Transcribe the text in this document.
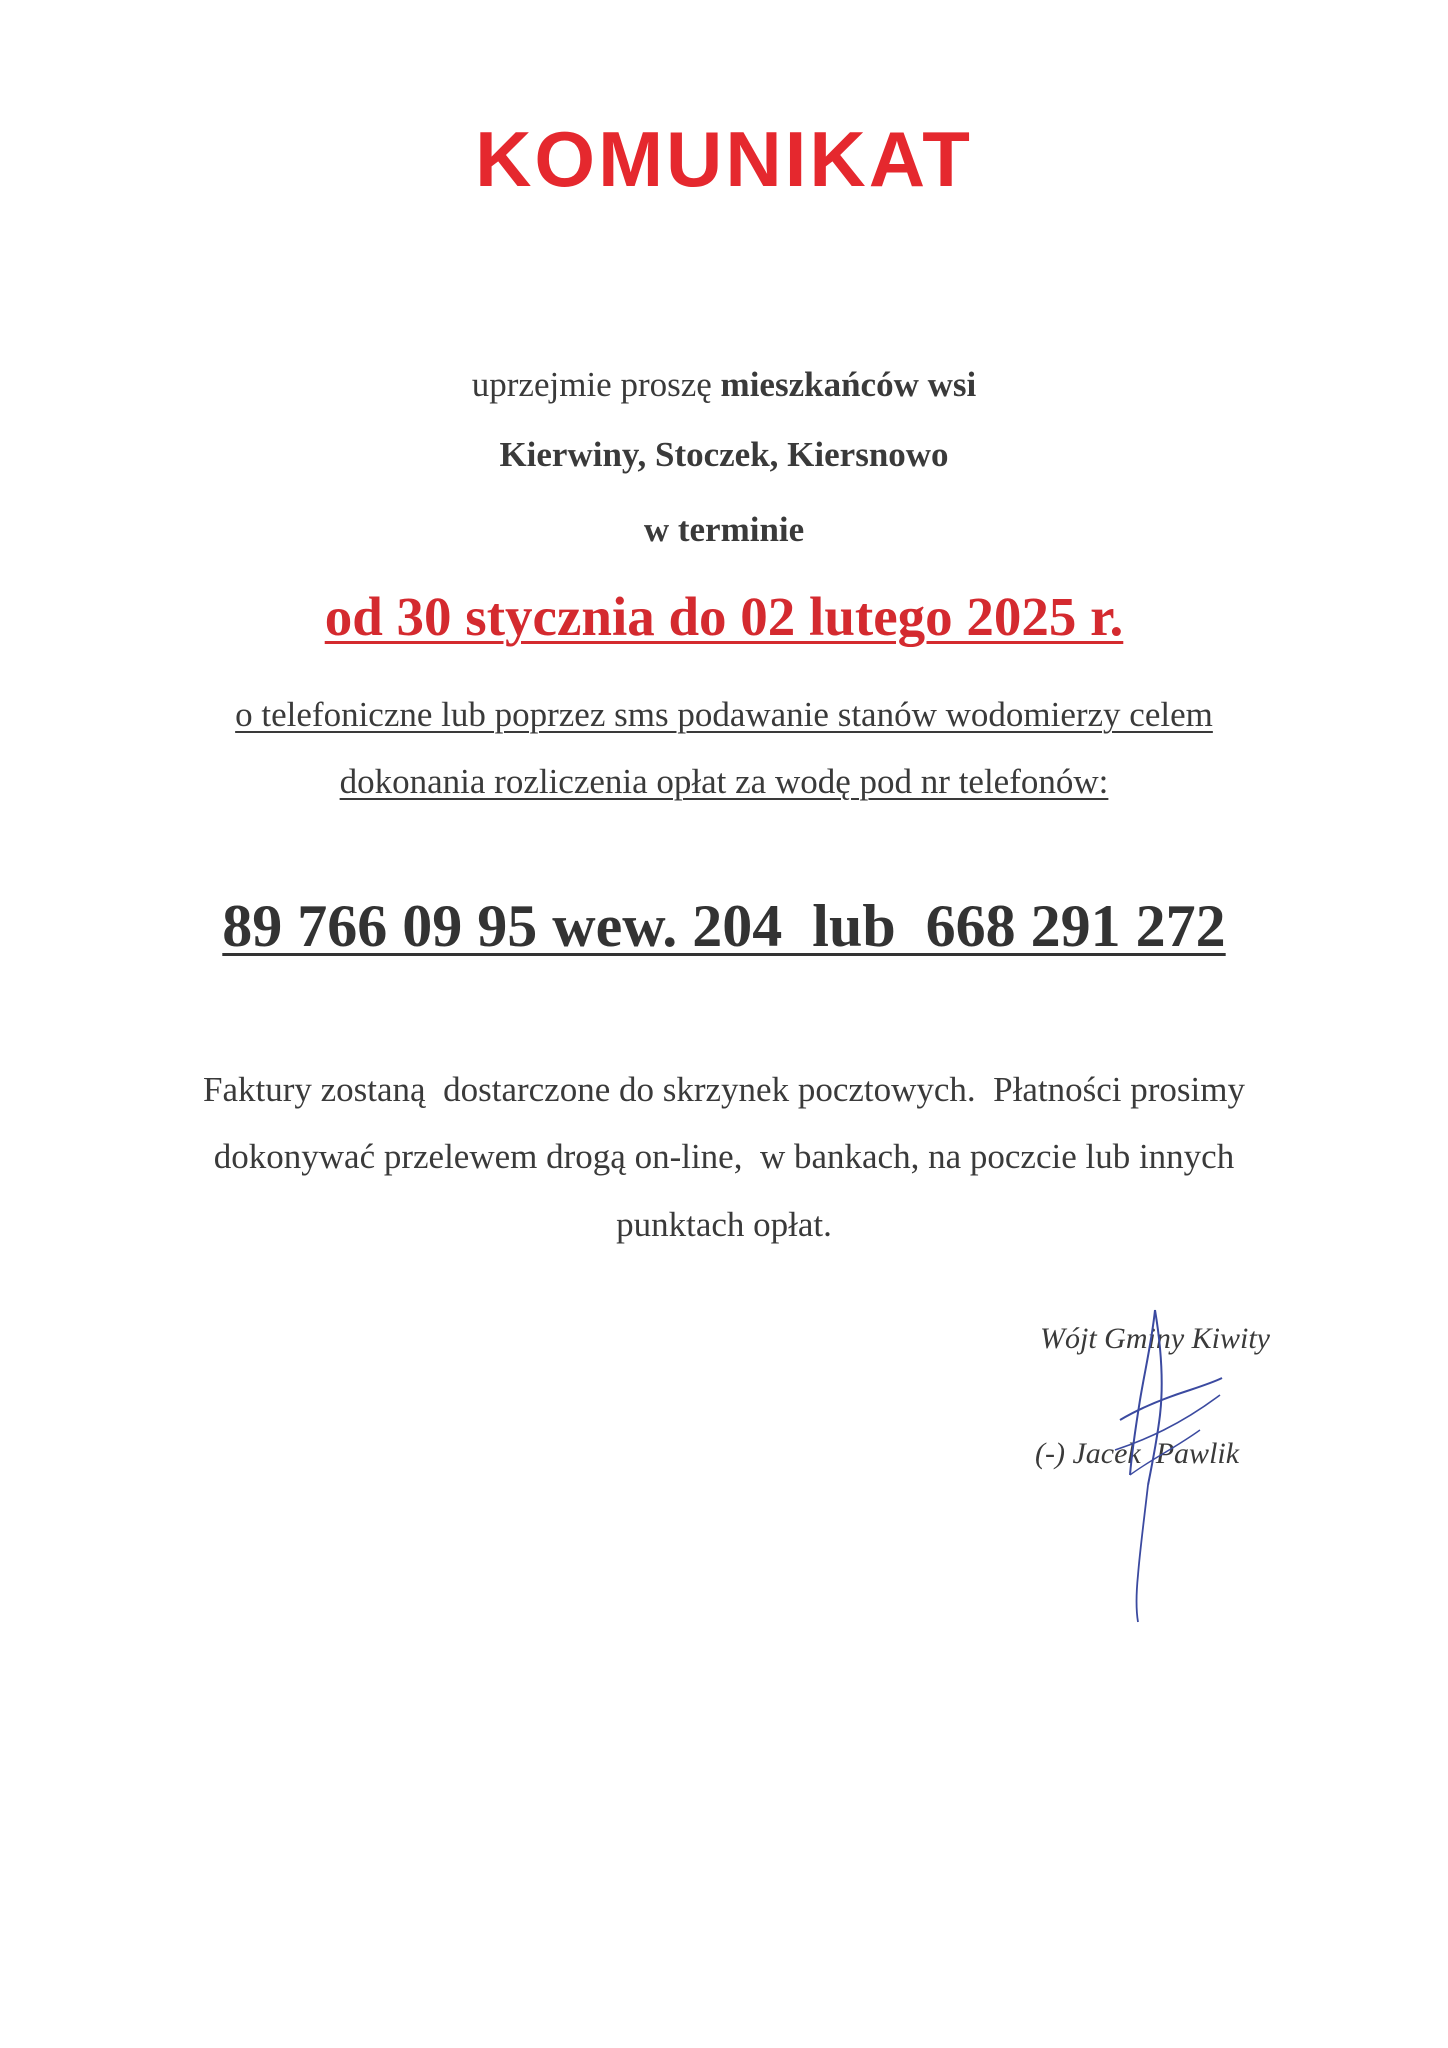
KOMUNIKAT
uprzejmie proszę mieszkańców wsi
Kierwiny, Stoczek, Kiersnowo
w terminie
od 30 stycznia do 02 lutego 2025 r.
o telefoniczne lub poprzez sms podawanie stanów wodomierzy celem
dokonania rozliczenia opłat za wodę pod nr telefonów:
89 766 09 95 wew. 204  lub  668 291 272
Faktury zostaną  dostarczone do skrzynek pocztowych.  Płatności prosimy
dokonywać przelewem drogą on-line,  w bankach, na poczcie lub innych
punktach opłat.
Wójt Gminy Kiwity
(-) Jacek  Pawlik
